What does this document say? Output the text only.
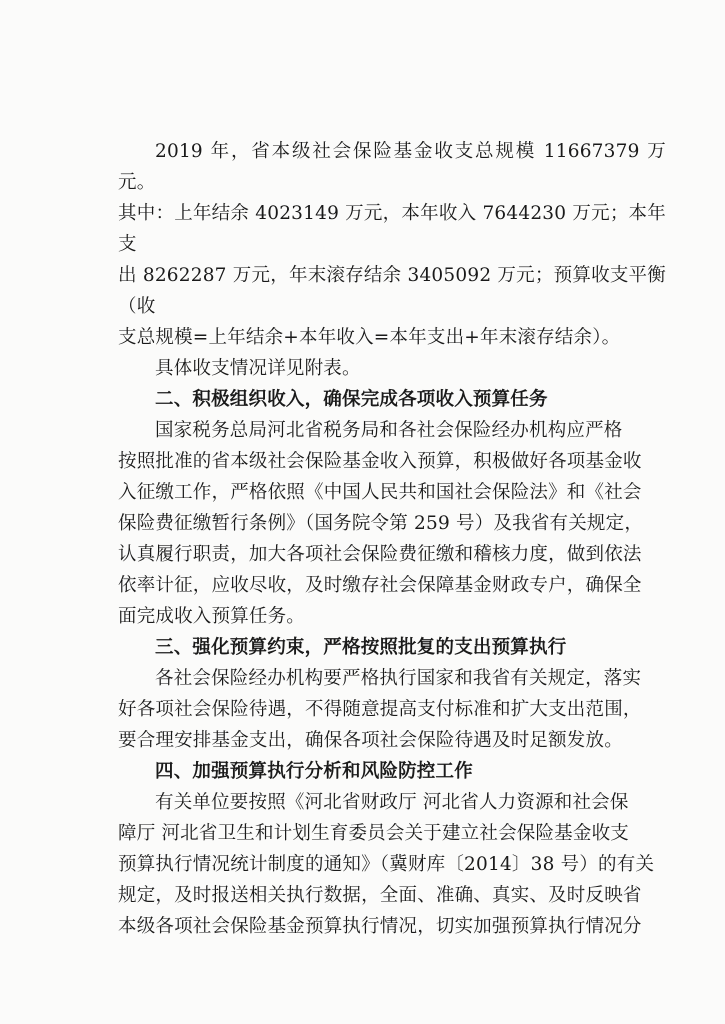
2019 年，省本级社会保险基金收支总规模 11667379 万元。
其中：上年结余 4023149 万元，本年收入 7644230 万元；本年支
出 8262287 万元，年末滚存结余 3405092 万元；预算收支平衡（收
支总规模=上年结余+本年收入=本年支出+年末滚存结余）。

具体收支情况详见附表。

二、积极组织收入，确保完成各项收入预算任务

国家税务总局河北省税务局和各社会保险经办机构应严格
按照批准的省本级社会保险基金收入预算，积极做好各项基金收
入征缴工作，严格依照《中国人民共和国社会保险法》和《社会
保险费征缴暂行条例》（国务院令第 259 号）及我省有关规定，
认真履行职责，加大各项社会保险费征缴和稽核力度，做到依法
依率计征，应收尽收，及时缴存社会保障基金财政专户，确保全
面完成收入预算任务。

三、强化预算约束，严格按照批复的支出预算执行

各社会保险经办机构要严格执行国家和我省有关规定，落实
好各项社会保险待遇，不得随意提高支付标准和扩大支出范围，
要合理安排基金支出，确保各项社会保险待遇及时足额发放。

四、加强预算执行分析和风险防控工作

有关单位要按照《河北省财政厅 河北省人力资源和社会保
障厅 河北省卫生和计划生育委员会关于建立社会保险基金收支
预算执行情况统计制度的通知》（冀财库〔2014〕38 号）的有关
规定，及时报送相关执行数据，全面、准确、真实、及时反映省
本级各项社会保险基金预算执行情况，切实加强预算执行情况分
